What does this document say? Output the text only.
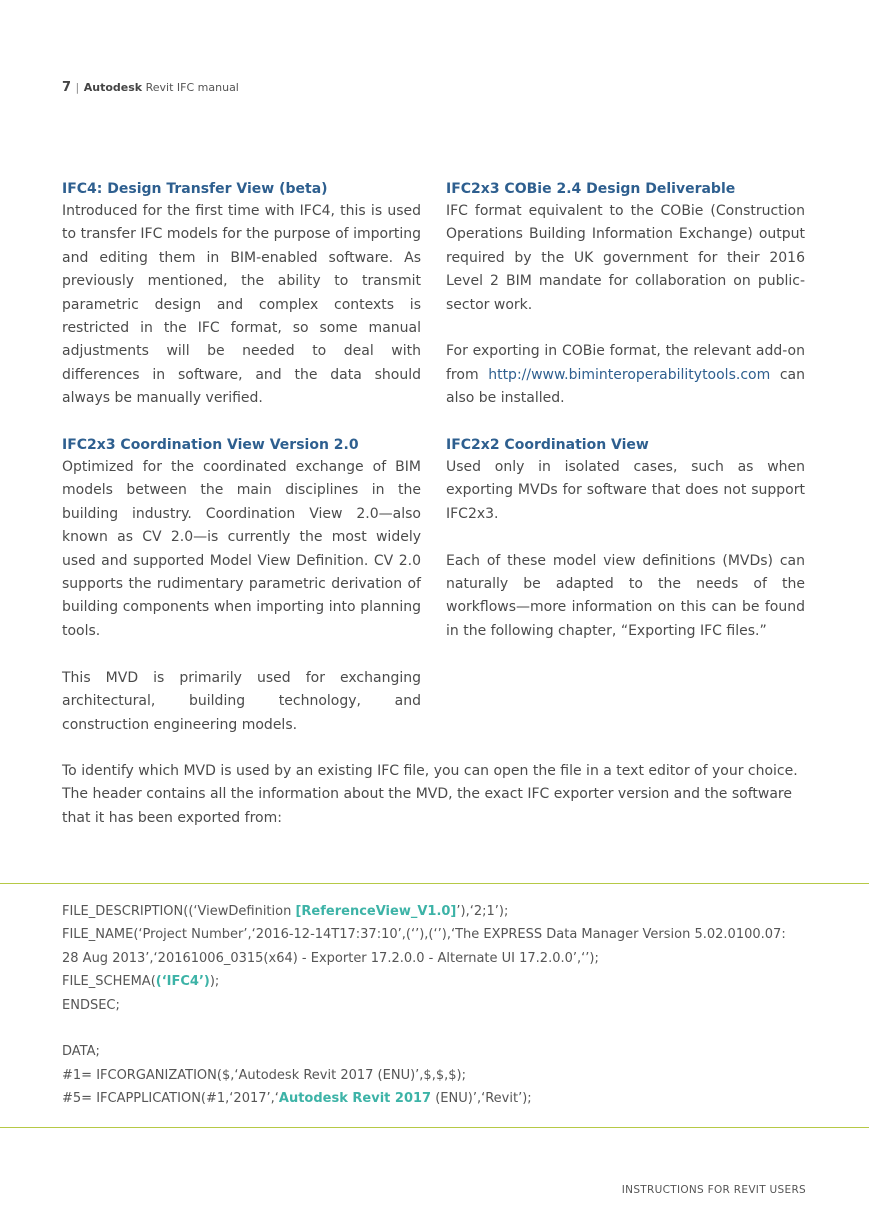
7 | Autodesk Revit IFC manual
IFC4: Design Transfer View (beta)

Introduced for the first time with IFC4, this is used to transfer IFC models for the purpose of importing and editing them in BIM-enabled software. As previously mentioned, the ability to transmit parametric design and complex contexts is restricted in the IFC format, so some manual adjustments will be needed to deal with differences in software, and the data should always be manually verified.

IFC2x3 Coordination View Version 2.0

Optimized for the coordinated exchange of BIM models between the main disciplines in the building industry. Coordination View 2.0—also known as CV 2.0—is currently the most widely used and supported Model View Definition. CV 2.0 supports the rudimentary parametric derivation of building components when importing into planning tools.

This MVD is primarily used for exchanging architectural, building technology, and construction engineering models.

IFC2x3 COBie 2.4 Design Deliverable

IFC format equivalent to the COBie (Construction Operations Building Information Exchange) output required by the UK government for their 2016 Level 2 BIM mandate for collaboration on public-sector work.

For exporting in COBie format, the relevant add-on from http://www.biminteroperabilitytools.com can also be installed.

IFC2x2 Coordination View

Used only in isolated cases, such as when exporting MVDs for software that does not support IFC2x3.

Each of these model view definitions (MVDs) can naturally be adapted to the needs of the workflows—more information on this can be found in the following chapter, “Exporting IFC files.”

To identify which MVD is used by an existing IFC file, you can open the file in a text editor of your choice. The header contains all the information about the MVD, the exact IFC exporter version and the software that it has been exported from:

FILE_DESCRIPTION((‘ViewDefinition [ReferenceView_V1.0]’),‘2;1’);
FILE_NAME(‘Project Number’,‘2016-12-14T17:37:10’,(‘’),(‘’),‘The EXPRESS Data Manager Version 5.02.0100.07: 28 Aug 2013’,‘20161006_0315(x64) - Exporter 17.2.0.0 - Alternate UI 17.2.0.0’,‘’);
FILE_SCHEMA((‘IFC4’));
ENDSEC;
DATA;
#1= IFCORGANIZATION($,‘Autodesk Revit 2017 (ENU)’,$,$,$);
#5= IFCAPPLICATION(#1,‘2017’,‘Autodesk Revit 2017 (ENU)’,‘Revit’);
INSTRUCTIONS FOR REVIT USERS
